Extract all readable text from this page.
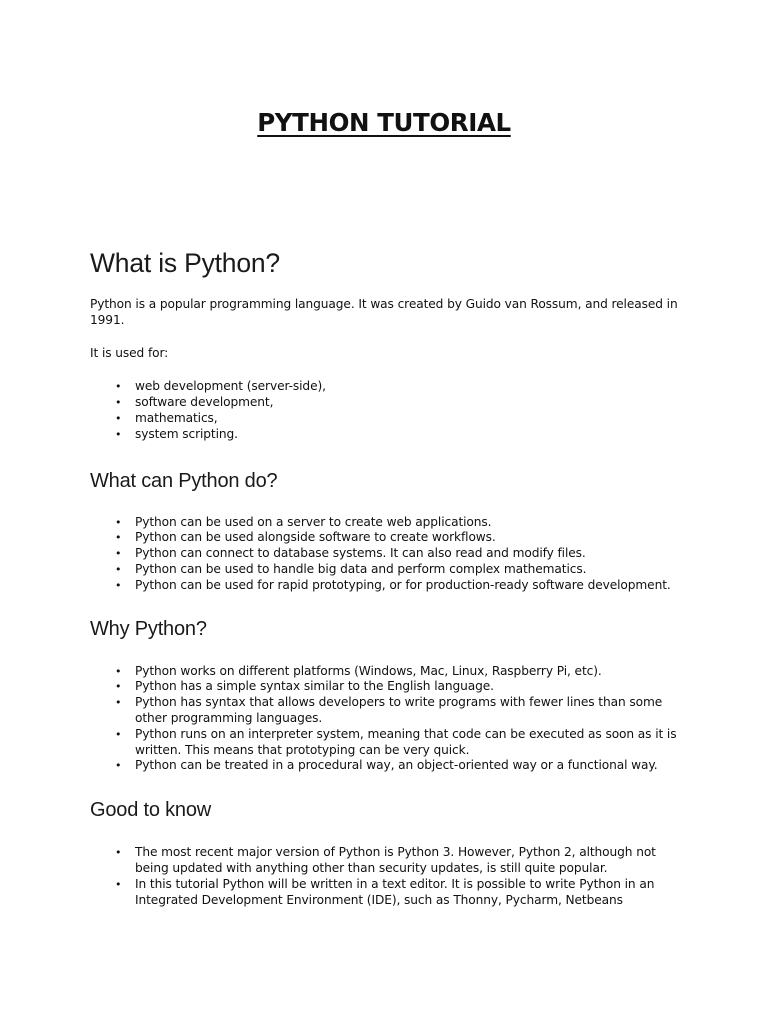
PYTHON TUTORIAL
What is Python?

Python is a popular programming language. It was created by Guido van Rossum, and released in 1991.

It is used for:

• web development (server-side),
• software development,
• mathematics,
• system scripting.
What can Python do?
• Python can be used on a server to create web applications.
• Python can be used alongside software to create workflows.
• Python can connect to database systems. It can also read and modify files.
• Python can be used to handle big data and perform complex mathematics.
• Python can be used for rapid prototyping, or for production-ready software development.
Why Python?
• Python works on different platforms (Windows, Mac, Linux, Raspberry Pi, etc).
• Python has a simple syntax similar to the English language.
• Python has syntax that allows developers to write programs with fewer lines than some other programming languages.
• Python runs on an interpreter system, meaning that code can be executed as soon as it is written. This means that prototyping can be very quick.
• Python can be treated in a procedural way, an object-oriented way or a functional way.
Good to know
• The most recent major version of Python is Python 3. However, Python 2, although not being updated with anything other than security updates, is still quite popular.
• In this tutorial Python will be written in a text editor. It is possible to write Python in an Integrated Development Environment (IDE), such as Thonny, Pycharm, Netbeans
